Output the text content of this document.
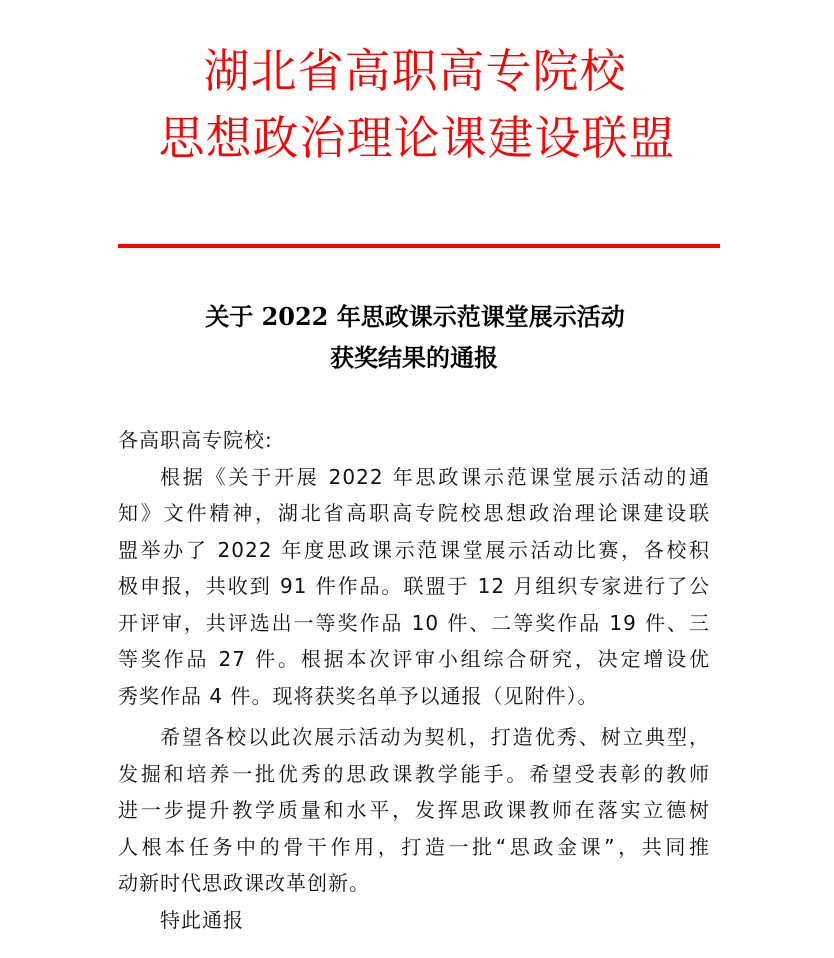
湖北省高职高专院校
思想政治理论课建设联盟
关于 2022 年思政课示范课堂展示活动
获奖结果的通报
各高职高专院校:
根据《关于开展 2022 年思政课示范课堂展示活动的通
知》文件精神，湖北省高职高专院校思想政治理论课建设联
盟举办了 2022 年度思政课示范课堂展示活动比赛，各校积
极申报，共收到 91 件作品。联盟于 12 月组织专家进行了公
开评审，共评选出一等奖作品 10 件、二等奖作品 19 件、三
等奖作品 27 件。根据本次评审小组综合研究，决定增设优
秀奖作品 4 件。现将获奖名单予以通报（见附件）。
希望各校以此次展示活动为契机，打造优秀、树立典型，
发掘和培养一批优秀的思政课教学能手。希望受表彰的教师
进一步提升教学质量和水平，发挥思政课教师在落实立德树
人根本任务中的骨干作用，打造一批“思政金课”，共同推
动新时代思政课改革创新。
特此通报
